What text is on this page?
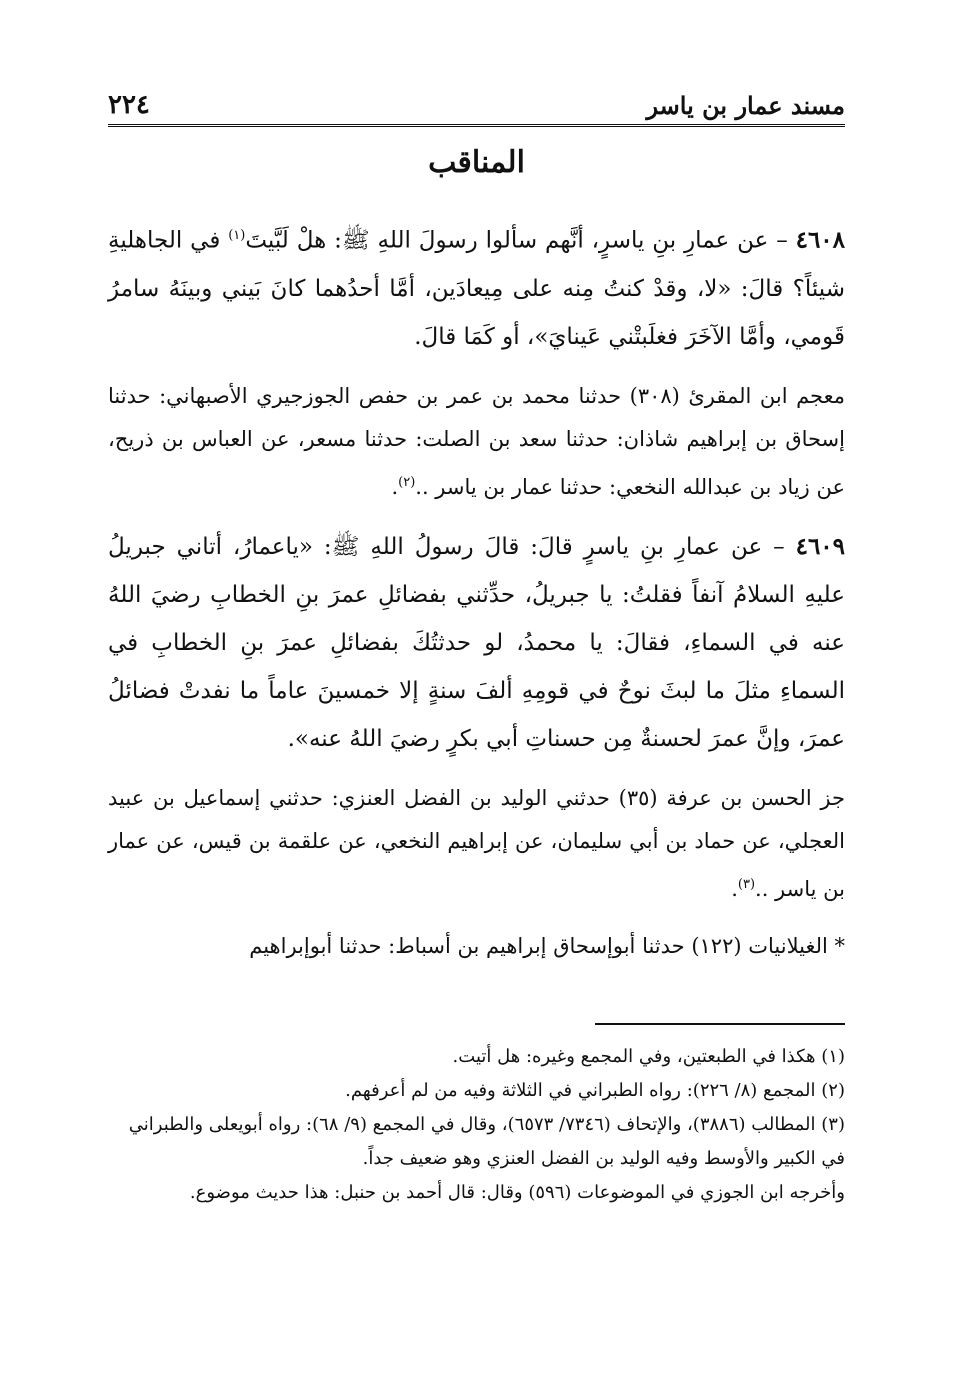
مسند عمار بن ياسر
٢٢٤
المناقب

٤٦٠٨ – عن عمارِ بنِ ياسرٍ، أنَّهم سألوا رسولَ اللهِ ﷺ: هلْ لَبَّيتَ$^{(١)}$ في الجاهليةِ شيئاً؟ قالَ: «لا، وقدْ كنتُ مِنه على مِيعادَين، أمَّا أحدُهما كانَ بَيني وبينَهُ سامرُ قَومي، وأمَّا الآخَرَ فغلَبتْني عَينايَ»، أو كَمَا قالَ.

معجم ابن المقرئ (٣٠٨) حدثنا محمد بن عمر بن حفص الجوزجيري الأصبهاني: حدثنا إسحاق بن إبراهيم شاذان: حدثنا سعد بن الصلت: حدثنا مسعر، عن العباس بن ذريح، عن زياد بن عبدالله النخعي: حدثنا عمار بن ياسر ..$^{(٢)}$.

٤٦٠٩ – عن عمارِ بنِ ياسرٍ قالَ: قالَ رسولُ اللهِ ﷺ: «ياعمارُ، أتاني جبريلُ عليهِ السلامُ آنفاً فقلتُ: يا جبريلُ، حدِّثني بفضائلِ عمرَ بنِ الخطابِ رضيَ اللهُ عنه في السماءِ، فقالَ: يا محمدُ، لو حدثتُكَ بفضائلِ عمرَ بنِ الخطابِ في السماءِ مثلَ ما لبثَ نوحٌ في قومِهِ ألفَ سنةٍ إلا خمسينَ عاماً ما نفدتْ فضائلُ عمرَ، وإنَّ عمرَ لحسنةٌ مِن حسناتِ أبي بكرٍ رضيَ اللهُ عنه».

جز الحسن بن عرفة (٣٥) حدثني الوليد بن الفضل العنزي: حدثني إسماعيل بن عبيد العجلي، عن حماد بن أبي سليمان، عن إبراهيم النخعي، عن علقمة بن قيس، عن عمار بن ياسر ..$^{(٣)}$.

* الغيلانيات (١٢٢) حدثنا أبوإسحاق إبراهيم بن أسباط: حدثنا أبوإبراهيم

(١) هكذا في الطبعتين، وفي المجمع وغيره: هل أتيت.

(٢) المجمع (٨/ ٢٢٦): رواه الطبراني في الثلاثة وفيه من لم أعرفهم.

(٣) المطالب (٣٨٨٦)، والإتحاف (٧٣٤٦/ ٦٥٧٣)، وقال في المجمع (٩/ ٦٨): رواه أبويعلى والطبراني في الكبير والأوسط وفيه الوليد بن الفضل العنزي وهو ضعيف جداً.

وأخرجه ابن الجوزي في الموضوعات (٥٩٦) وقال: قال أحمد بن حنبل: هذا حديث موضوع.
